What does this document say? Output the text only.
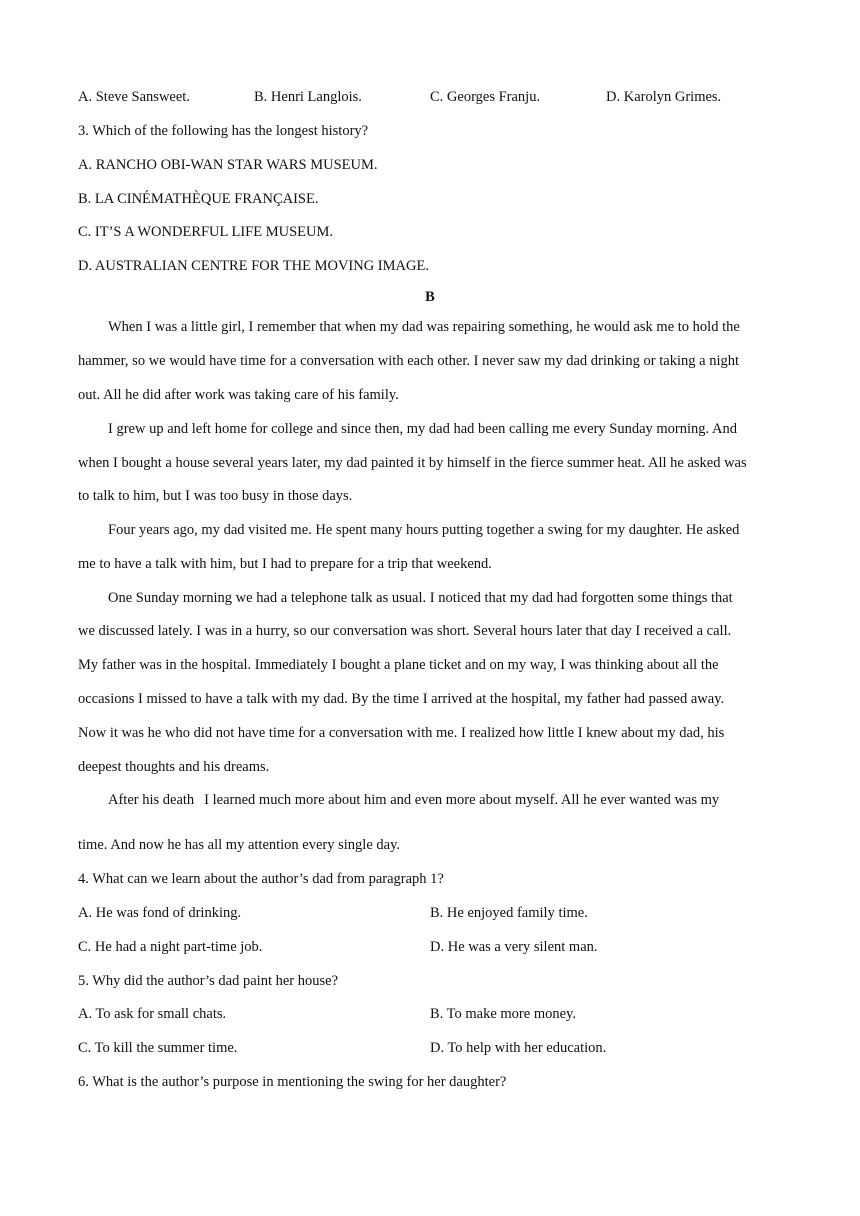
A. Steve Sansweet.	B. Henri Langlois.	C. Georges Franju.	D. Karolyn Grimes.
3. Which of the following has the longest history?
A. RANCHO OBI-WAN STAR WARS MUSEUM.
B. LA CINÉMATHÈQUE FRANÇAISE.
C. IT’S A WONDERFUL LIFE MUSEUM.
D. AUSTRALIAN CENTRE FOR THE MOVING IMAGE.
B
When I was a little girl, I remember that when my dad was repairing something, he would ask me to hold the
hammer, so we would have time for a conversation with each other. I never saw my dad drinking or taking a night
out. All he did after work was taking care of his family.
I grew up and left home for college and since then, my dad had been calling me every Sunday morning. And
when I bought a house several years later, my dad painted it by himself in the fierce summer heat. All he asked was
to talk to him, but I was too busy in those days.
Four years ago, my dad visited me. He spent many hours putting together a swing for my daughter. He asked
me to have a talk with him, but I had to prepare for a trip that weekend.
One Sunday morning we had a telephone talk as usual. I noticed that my dad had forgotten some things that
we discussed lately. I was in a hurry, so our conversation was short. Several hours later that day I received a call.
My father was in the hospital. Immediately I bought a plane ticket and on my way, I was thinking about all the
occasions I missed to have a talk with my dad. By the time I arrived at the hospital, my father had passed away.
Now it was he who did not have time for a conversation with me. I realized how little I knew about my dad, his
deepest thoughts and his dreams.
After his death I learned much more about him and even more about myself. All he ever wanted was my
time. And now he has all my attention every single day.
4. What can we learn about the author’s dad from paragraph 1?
A. He was fond of drinking.	B. He enjoyed family time.
C. He had a night part-time job.	D. He was a very silent man.
5. Why did the author’s dad paint her house?
A. To ask for small chats.	B. To make more money.
C. To kill the summer time.	D. To help with her education.
6. What is the author’s purpose in mentioning the swing for her daughter?
